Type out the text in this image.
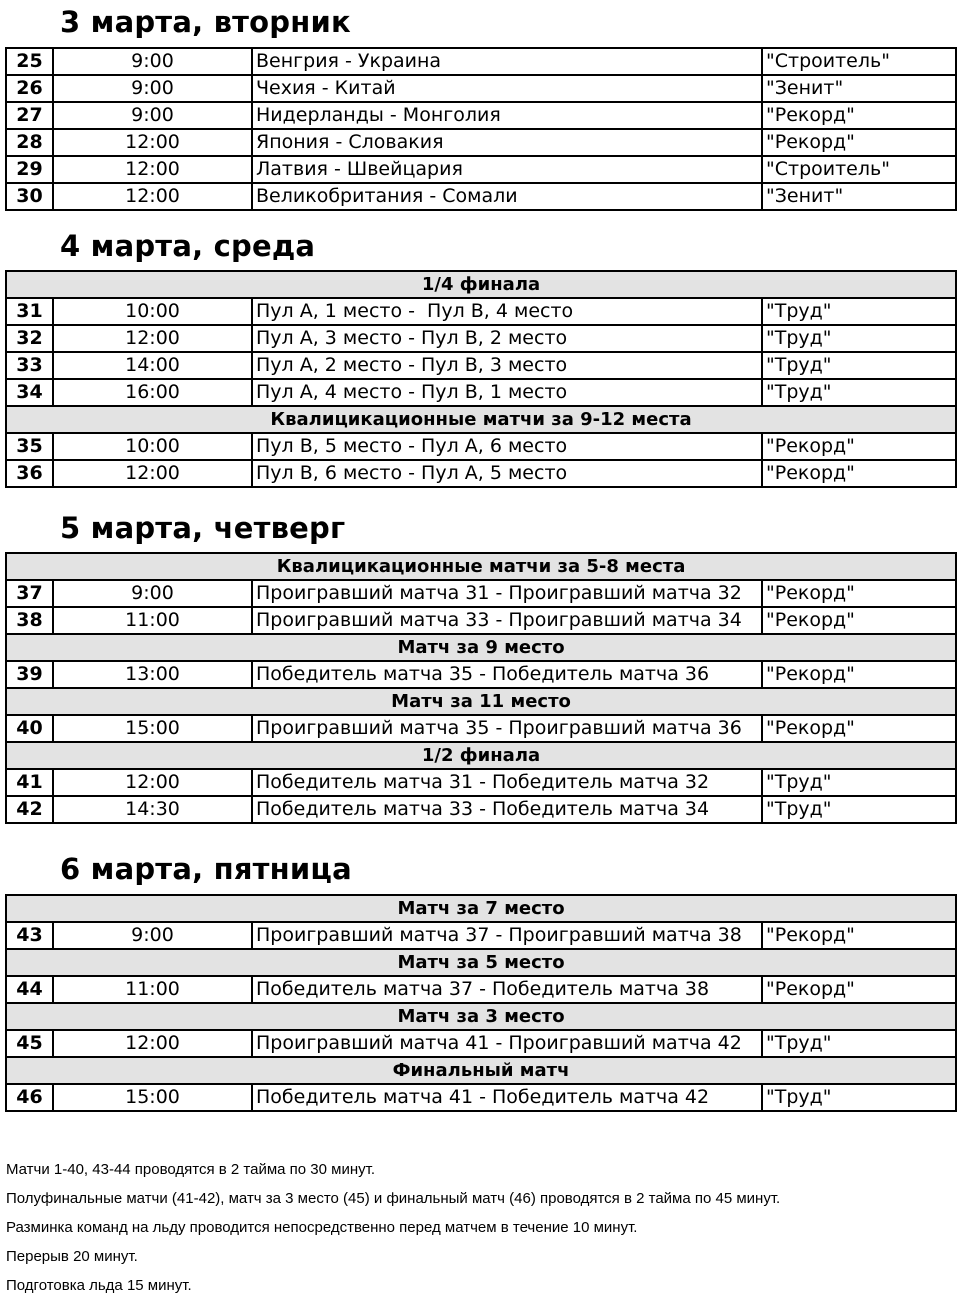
3 марта, вторник
25	9:00	Венгрия - Украина	"Строитель"
26	9:00	Чехия - Китай	"Зенит"
27	9:00	Нидерланды - Монголия	"Рекорд"
28	12:00	Япония - Словакия	"Рекорд"
29	12:00	Латвия - Швейцария	"Строитель"
30	12:00	Великобритания - Сомали	"Зенит"
4 марта, среда
1/4 финала			
31	10:00	Пул А, 1 место -  Пул В, 4 место	"Труд"
32	12:00	Пул А, 3 место - Пул В, 2 место	"Труд"
33	14:00	Пул А, 2 место - Пул В, 3 место	"Труд"
34	16:00	Пул А, 4 место - Пул В, 1 место	"Труд"
Квалицикационные матчи за 9-12 места			
35	10:00	Пул В, 5 место - Пул А, 6 место	"Рекорд"
36	12:00	Пул В, 6 место - Пул А, 5 место	"Рекорд"
5 марта, четверг
Квалицикационные матчи за 5-8 места			
37	9:00	Проигравший матча 31 - Проигравший матча 32	"Рекорд"
38	11:00	Проигравший матча 33 - Проигравший матча 34	"Рекорд"
Матч за 9 место			
39	13:00	Победитель матча 35 - Победитель матча 36	"Рекорд"
Матч за 11 место			
40	15:00	Проигравший матча 35 - Проигравший матча 36	"Рекорд"
1/2 финала			
41	12:00	Победитель матча 31 - Победитель матча 32	"Труд"
42	14:30	Победитель матча 33 - Победитель матча 34	"Труд"
6 марта, пятница
Матч за 7 место			
43	9:00	Проигравший матча 37 - Проигравший матча 38	"Рекорд"
Матч за 5 место			
44	11:00	Победитель матча 37 - Победитель матча 38	"Рекорд"
Матч за 3 место			
45	12:00	Проигравший матча 41 - Проигравший матча 42	"Труд"
Финальный матч			
46	15:00	Победитель матча 41 - Победитель матча 42	"Труд"

Матчи 1-40, 43-44 проводятся в 2 тайма по 30 минут.

Полуфинальные матчи (41-42), матч за 3 место (45) и финальный матч (46) проводятся в 2 тайма по 45 минут.

Разминка команд на льду проводится непосредственно перед матчем в течение 10 минут.

Перерыв 20 минут.

Подготовка льда 15 минут.
